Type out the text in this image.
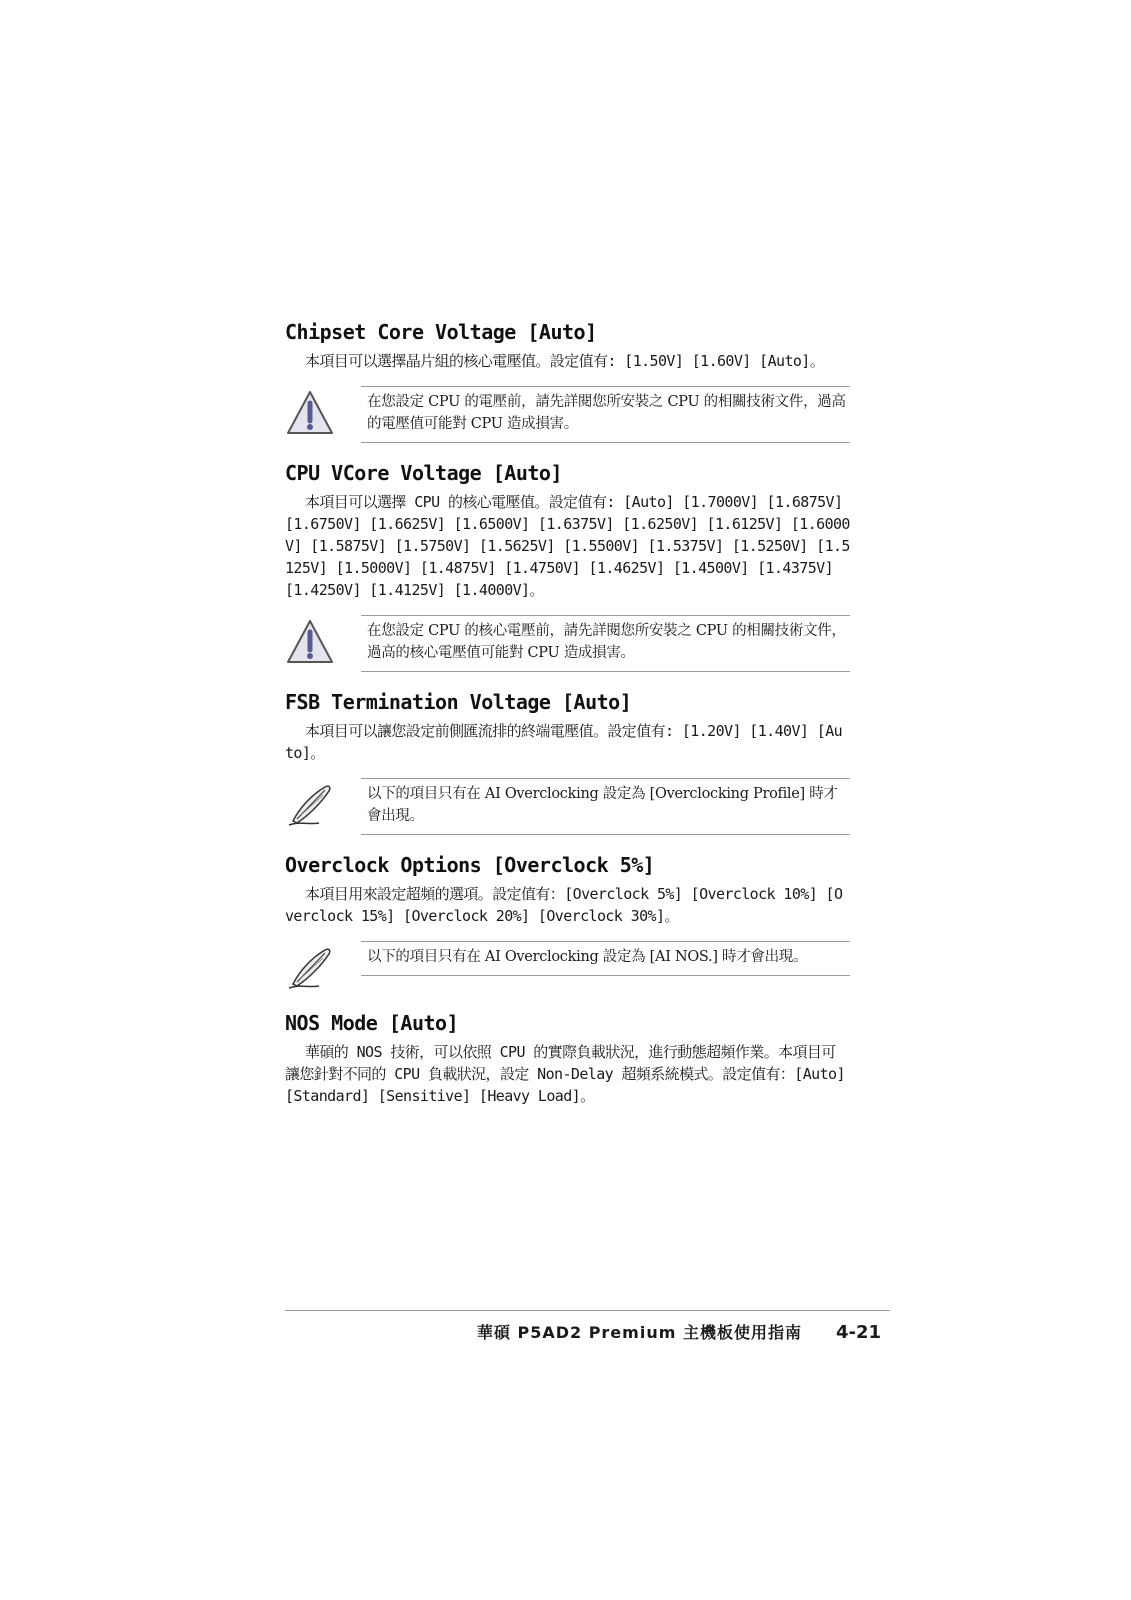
Chipset Core Voltage [Auto]

本項目可以選擇晶片組的核心電壓值。設定值有: [1.50V] [1.60V] [Auto]。

在您設定 CPU 的電壓前，請先詳閱您所安裝之 CPU 的相關技術文件，過高的電壓值可能對 CPU 造成損害。
CPU VCore Voltage [Auto]

本項目可以選擇 CPU 的核心電壓值。設定值有: [Auto] [1.7000V] [1.6875V] [1.6750V] [1.6625V] [1.6500V] [1.6375V] [1.6250V] [1.6125V] [1.6000V] [1.5875V] [1.5750V] [1.5625V] [1.5500V] [1.5375V] [1.5250V] [1.5125V] [1.5000V] [1.4875V] [1.4750V] [1.4625V] [1.4500V] [1.4375V] [1.4250V] [1.4125V] [1.4000V]。

在您設定 CPU 的核心電壓前，請先詳閱您所安裝之 CPU 的相關技術文件，過高的核心電壓值可能對 CPU 造成損害。
FSB Termination Voltage [Auto]

本項目可以讓您設定前側匯流排的終端電壓值。設定值有: [1.20V] [1.40V] [Auto]。

以下的項目只有在 AI Overclocking 設定為 [Overclocking Profile] 時才會出現。
Overclock Options [Overclock 5%]

本項目用來設定超頻的選項。設定值有：[Overclock 5%] [Overclock 10%] [Overclock 15%] [Overclock 20%] [Overclock 30%]。

以下的項目只有在 AI Overclocking 設定為 [AI NOS.] 時才會出現。
NOS Mode [Auto]

華碩的 NOS 技術，可以依照 CPU 的實際負載狀況，進行動態超頻作業。本項目可讓您針對不同的 CPU 負載狀況，設定 Non-Delay 超頻系統模式。設定值有：[Auto] [Standard] [Sensitive] [Heavy Load]。

華碩 P5AD2 Premium 主機板使用指南 4-21
